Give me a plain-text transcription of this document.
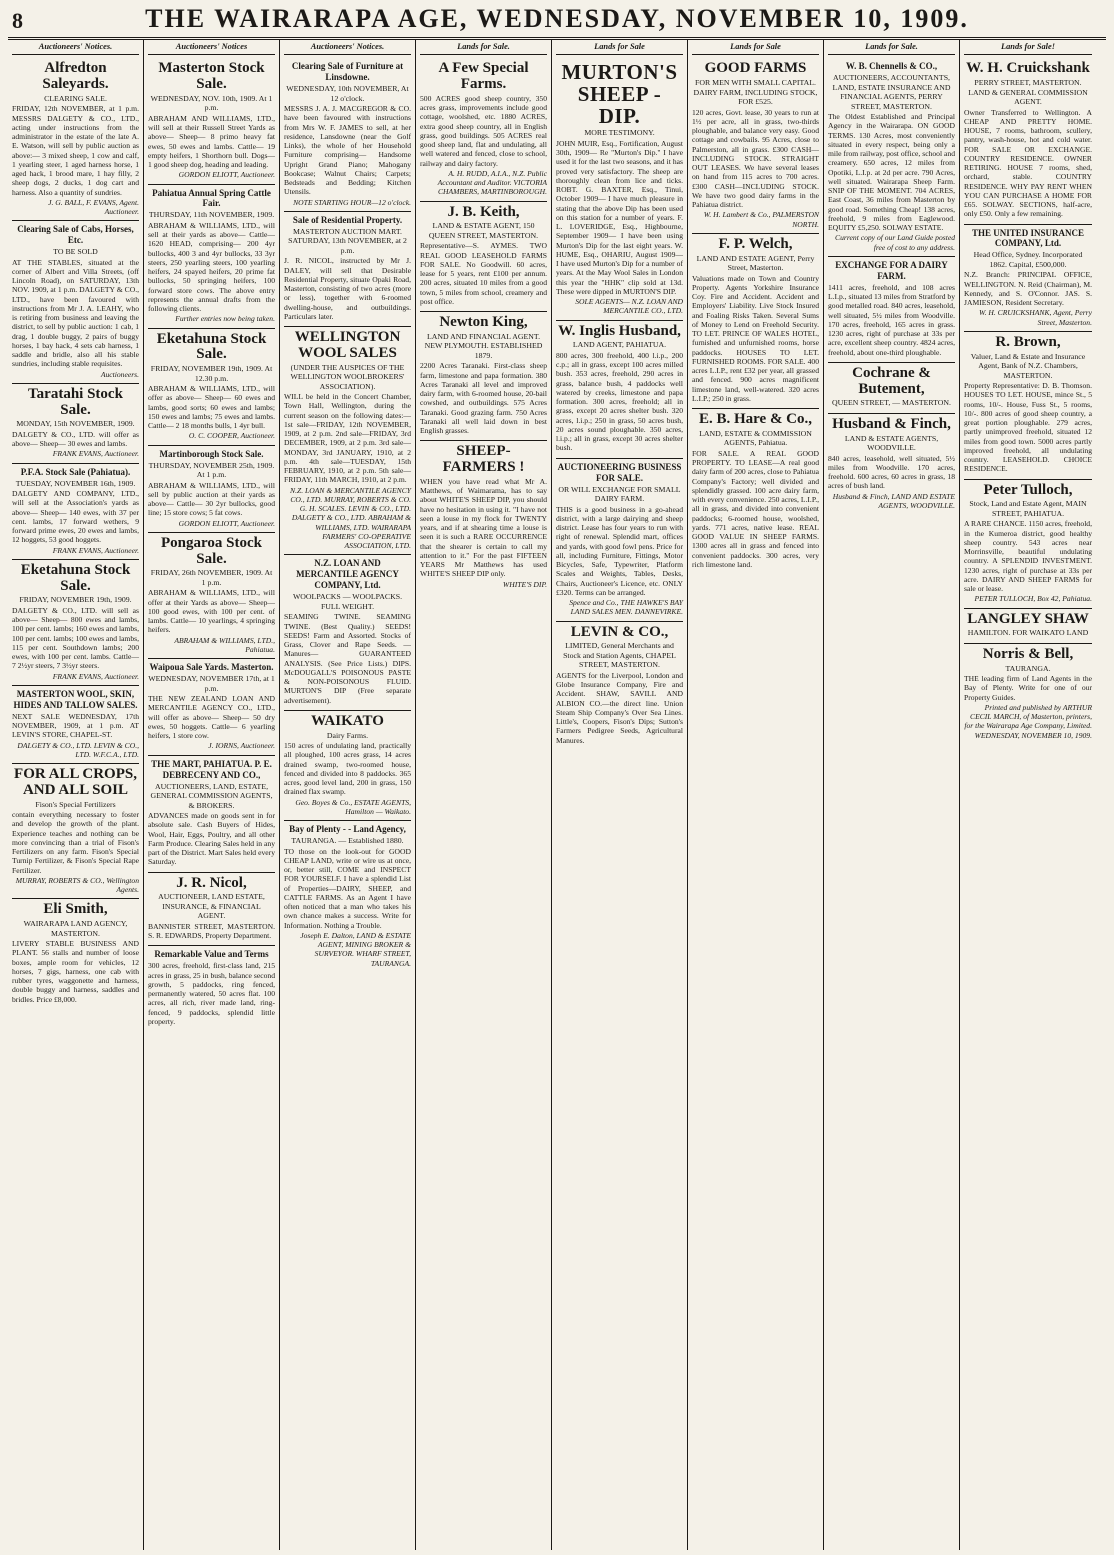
8	THE WAIRARAPA AGE, WEDNESDAY, NOVEMBER 10, 1909.
Auctioneers' Notices.
Alfredton Saleyards.
CLEARING SALE.

FRIDAY, 12th NOVEMBER, at 1 p.m. MESSRS DALGETY & CO., LTD., acting under instructions from the administrator in the estate of the late A. E. Watson, will sell by public auction as above:— 3 mixed sheep, 1 cow and calf, 1 yearling steer, 1 aged harness horse, 1 aged hack, 1 brood mare, 1 hay filly, 2 sheep dogs, 2 ducks, 1 dog cart and harness. Also a quantity of sundries.

J. G. BALL, F. EVANS, Agent. Auctioneer.
Clearing Sale of Cabs, Horses, Etc.
TO BE SOLD

AT THE STABLES, situated at the corner of Albert and Villa Streets, (off Lincoln Road), on SATURDAY, 13th NOV. 1909, at 1 p.m. DALGETY & CO., LTD., have been favoured with instructions from Mr J. A. LEAHY, who is retiring from business and leaving the district, to sell by public auction: 1 cab, 1 drag, 1 double buggy, 2 pairs of buggy horses, 1 bay hack, 4 sets cab harness, 1 saddle and bridle, also all his stable sundries, including stable requisites.

Auctioneers.
Taratahi Stock Sale.
MONDAY, 15th NOVEMBER, 1909.

DALGETY & CO., LTD. will offer as above— Sheep— 30 ewes and lambs.

FRANK EVANS, Auctioneer.
P.F.A. Stock Sale (Pahiatua).
TUESDAY, NOVEMBER 16th, 1909.

DALGETY AND COMPANY, LTD., will sell at the Association's yards as above— Sheep— 140 ewes, with 37 per cent. lambs, 17 forward wethers, 9 forward prime ewes, 20 ewes and lambs, 12 hoggets, 53 good hoggets.

FRANK EVANS, Auctioneer.
Eketahuna Stock Sale.
FRIDAY, NOVEMBER 19th, 1909.

DALGETY & CO., LTD. will sell as above— Sheep— 800 ewes and lambs, 100 per cent. lambs; 160 ewes and lambs, 100 per cent. lambs; 100 ewes and lambs, 115 per cent. Southdown lambs; 200 ewes, with 100 per cent. lambs. Cattle— 7 2½yr steers, 7 3½yr steers.

FRANK EVANS, Auctioneer.
MASTERTON WOOL, SKIN, HIDES AND TALLOW SALES.

NEXT SALE WEDNESDAY, 17th NOVEMBER, 1909, at 1 p.m. AT LEVIN'S STORE, CHAPEL-ST.

DALGETY & CO., LTD. LEVIN & CO., LTD. W.F.C.A., LTD.
FOR ALL CROPS, AND ALL SOIL
Fison's Special Fertilizers

contain everything necessary to foster and develop the growth of the plant. Experience teaches and nothing can be more convincing than a trial of Fison's Fertilizers on any farm. Fison's Special Turnip Fertilizer, & Fison's Special Rape Fertilizer.

MURRAY, ROBERTS & CO., Wellington Agents.
Eli Smith,
WAIRARAPA LAND AGENCY, MASTERTON.

LIVERY STABLE BUSINESS AND PLANT. 56 stalls and number of loose boxes, ample room for vehicles, 12 horses, 7 gigs, harness, one cab with rubber tyres, waggonette and harness, double buggy and harness, saddles and bridles. Price £8,000.

Auctioneers' Notices
Masterton Stock Sale.
WEDNESDAY, NOV. 10th, 1909. At 1 p.m.

ABRAHAM AND WILLIAMS, LTD., will sell at their Russell Street Yards as above— Sheep— 8 primo heavy fat ewes, 50 ewes and lambs. Cattle— 19 empty heifers, 1 Shorthorn bull. Dogs— 1 good sheep dog, heading and leading.

GORDON ELIOTT, Auctioneer.
Pahiatua Annual Spring Cattle Fair.
THURSDAY, 11th NOVEMBER, 1909.

ABRAHAM & WILLIAMS, LTD., will sell at their yards as above— Cattle— 1620 HEAD, comprising— 200 4yr bullocks, 400 3 and 4yr bullocks, 33 3yr steers, 250 yearling steers, 100 yearling heifers, 24 spayed heifers, 20 prime fat bullocks, 50 springing heifers, 100 forward store cows. The above entry represents the annual drafts from the following clients.

Further entries now being taken.
Eketahuna Stock Sale.
FRIDAY, NOVEMBER 19th, 1909. At 12.30 p.m.

ABRAHAM & WILLIAMS, LTD., will offer as above— Sheep— 60 ewes and lambs, good sorts; 60 ewes and lambs; 150 ewes and lambs; 75 ewes and lambs. Cattle— 2 18 months bulls, 1 4yr bull.

O. C. COOPER, Auctioneer.
Martinborough Stock Sale.
THURSDAY, NOVEMBER 25th, 1909. At 1 p.m.

ABRAHAM & WILLIAMS, LTD., will sell by public auction at their yards as above— Cattle— 30 2yr bullocks, good line; 15 store cows; 5 fat cows.

GORDON ELIOTT, Auctioneer.
Pongaroa Stock Sale.
FRIDAY, 26th NOVEMBER, 1909. At 1 p.m.

ABRAHAM & WILLIAMS, LTD., will offer at their Yards as above— Sheep— 100 good ewes, with 100 per cent. of lambs. Cattle— 10 yearlings, 4 springing heifers.

ABRAHAM & WILLIAMS, LTD., Pahiatua.
Waipoua Sale Yards. Masterton.
WEDNESDAY, NOVEMBER 17th, at 1 p.m.

THE NEW ZEALAND LOAN AND MERCANTILE AGENCY CO., LTD., will offer as above— Sheep— 50 dry ewes, 50 hoggets. Cattle— 6 yearling heifers, 1 store cow.

J. IORNS, Auctioneer.
THE MART, PAHIATUA. P. E. DEBRECENY AND CO.,
AUCTIONEERS, LAND, ESTATE, GENERAL COMMISSION AGENTS, & BROKERS.

ADVANCES made on goods sent in for absolute sale. Cash Buyers of Hides, Wool, Hair, Eggs, Poultry, and all other Farm Produce. Clearing Sales held in any part of the District. Mart Sales held every Saturday.

J. R. Nicol,
AUCTIONEER, LAND ESTATE, INSURANCE, & FINANCIAL AGENT.

BANNISTER STREET, MASTERTON. S. R. EDWARDS, Property Department.

Remarkable Value and Terms

300 acres, freehold, first-class land, 215 acres in grass, 25 in bush, balance second growth, 5 paddocks, ring fenced, permanently watered, 50 acres flat. 100 acres, all rich, river made land, ring-fenced, 9 paddocks, splendid little property.

Auctioneers' Notices.
Clearing Sale of Furniture at Linsdowne.
WEDNESDAY, 10th NOVEMBER, At 12 o'clock.

MESSRS J. A. J. MACGREGOR & CO. have been favoured with instructions from Mrs W. F. JAMES to sell, at her residence, Lansdowne (near the Golf Links), the whole of her Household Furniture comprising— Handsome Upright Grand Piano; Mahogany Bookcase; Walnut Chairs; Carpets; Bedsteads and Bedding; Kitchen Utensils.

NOTE STARTING HOUR—12 o'clock.
Sale of Residential Property.
MASTERTON AUCTION MART. SATURDAY, 13th NOVEMBER, at 2 p.m.

J. R. NICOL, instructed by Mr J. DALEY, will sell that Desirable Residential Property, situate Opaki Road, Masterton, consisting of two acres (more or less), together with 6-roomed dwelling-house, and outbuildings. Particulars later.

WELLINGTON WOOL SALES
(UNDER THE AUSPICES OF THE WELLINGTON WOOLBROKERS' ASSOCIATION).

WILL be held in the Concert Chamber, Town Hall, Wellington, during the current season on the following dates:— 1st sale—FRIDAY, 12th NOVEMBER, 1909, at 2 p.m. 2nd sale—FRIDAY, 3rd DECEMBER, 1909, at 2 p.m. 3rd sale—MONDAY, 3rd JANUARY, 1910, at 2 p.m. 4th sale—TUESDAY, 15th FEBRUARY, 1910, at 2 p.m. 5th sale—FRIDAY, 11th MARCH, 1910, at 2 p.m.

N.Z. LOAN & MERCANTILE AGENCY CO., LTD. MURRAY, ROBERTS & CO. G. H. SCALES. LEVIN & CO., LTD. DALGETY & CO., LTD. ABRAHAM & WILLIAMS, LTD. WAIRARAPA FARMERS' CO-OPERATIVE ASSOCIATION, LTD.
N.Z. LOAN AND MERCANTILE AGENCY COMPANY, Ltd.
WOOLPACKS — WOOLPACKS. FULL WEIGHT.

SEAMING TWINE. SEAMING TWINE. (Best Quality.) SEEDS! SEEDS! Farm and Assorted. Stocks of Grass, Clover and Rape Seeds. —Manures— GUARANTEED ANALYSIS. (See Price Lists.) DIPS. McDOUGALL'S POISONOUS PASTE & NON-POISONOUS FLUID. MURTON'S DIP (Free separate advertisement).

WAIKATO
Dairy Farms.

150 acres of undulating land, practically all ploughed, 100 acres grass, 14 acres drained swamp, two-roomed house, fenced and divided into 8 paddocks. 365 acres, good level land, 200 in grass, 150 drained flax swamp.

Geo. Boyes & Co., ESTATE AGENTS, Hamilton — Waikato.
Bay of Plenty - - Land Agency,
TAURANGA. — Established 1880.

TO those on the look-out for GOOD CHEAP LAND, write or wire us at once, or, better still, COME and INSPECT FOR YOURSELF. I have a splendid List of Properties—DAIRY, SHEEP, and CATTLE FARMS. As an Agent I have often noticed that a man who takes his own chance makes a success. Write for Information. Nothing a Trouble.

Joseph E. Dalton, LAND & ESTATE AGENT, MINING BROKER & SURVEYOR. WHARF STREET, TAURANGA.
Lands for Sale.
A Few Special Farms.

500 ACRES good sheep country, 350 acres grass, improvements include good cottage, woolshed, etc. 1880 ACRES, extra good sheep country, all in English grass, good buildings. 505 ACRES real good sheep land, flat and undulating, all well watered and fenced, close to school, railway and dairy factory.

A. H. RUDD, A.I.A., N.Z. Public Accountant and Auditor. VICTORIA CHAMBERS, MARTINBOROUGH.
J. B. Keith,
LAND & ESTATE AGENT, 150 QUEEN STREET, MASTERTON.

Representative—S. AYMES. TWO REAL GOOD LEASEHOLD FARMS FOR SALE. No Goodwill. 60 acres, lease for 5 years, rent £100 per annum. 200 acres, situated 10 miles from a good town, 5 miles from school, creamery and post office.

Newton King,
LAND AND FINANCIAL AGENT. NEW PLYMOUTH. ESTABLISHED 1879.

2200 Acres Taranaki. First-class sheep farm, limestone and papa formation. 380 Acres Taranaki all level and improved dairy farm, with 6-roomed house, 20-bail cowshed, and outbuildings. 575 Acres Taranaki. Good grazing farm. 750 Acres Taranaki all well laid down in best English grasses.

SHEEP-FARMERS !

WHEN you have read what Mr A. Matthews, of Waimarama, has to say about WHITE'S SHEEP DIP, you should have no hesitation in using it. "I have not seen a louse in my flock for TWENTY years, and if at shearing time a louse is seen it is such a RARE OCCURRENCE that the shearer is certain to call my attention to it." For the past FIFTEEN YEARS Mr Matthews has used WHITE'S SHEEP DIP only.

WHITE'S DIP.
Lands for Sale
MURTON'S SHEEP - DIP.
MORE TESTIMONY.

JOHN MUIR, Esq., Fortification, August 30th, 1909— Re "Murton's Dip." I have used it for the last two seasons, and it has proved very satisfactory. The sheep are thoroughly clean from lice and ticks. ROBT. G. BAXTER, Esq., Tinui, October 1909— I have much pleasure in stating that the above Dip has been used on this station for a number of years. F. L. LOVERIDGE, Esq., Highbourne, September 1909— I have been using Murton's Dip for the last eight years. W. HUME, Esq., OHARIU, August 1909— I have used Murton's Dip for a number of years. At the May Wool Sales in London this year the "HHK" clip sold at 13d. These were dipped in MURTON'S DIP.

SOLE AGENTS— N.Z. LOAN AND MERCANTILE CO., LTD.
W. Inglis Husband,
LAND AGENT, PAHIATUA.

800 acres, 300 freehold, 400 l.i.p., 200 c.p.; all in grass, except 100 acres milled bush. 353 acres, freehold, 290 acres in grass, balance bush, 4 paddocks well watered by creeks, limestone and papa formation. 300 acres, freehold; all in grass, except 20 acres shelter bush. 320 acres, l.i.p.; 250 in grass, 50 acres bush, 20 acres sound ploughable. 350 acres, l.i.p.; all in grass, except 30 acres shelter bush.

AUCTIONEERING BUSINESS FOR SALE.
OR WILL EXCHANGE FOR SMALL DAIRY FARM.

THIS is a good business in a go-ahead district, with a large dairying and sheep district. Lease has four years to run with right of renewal. Splendid mart, offices and yards, with good fowl pens. Price for all, including Furniture, Fittings, Motor Bicycles, Safe, Typewriter, Platform Scales and Weights, Tables, Desks, Chairs, Auctioneer's Licence, etc. ONLY £320. Terms can be arranged.

Spence and Co., THE HAWKE'S BAY LAND SALES MEN. DANNEVIRKE.
LEVIN & CO.,
LIMITED, General Merchants and Stock and Station Agents, CHAPEL STREET, MASTERTON.

AGENTS for the Liverpool, London and Globe Insurance Company, Fire and Accident. SHAW, SAVILL AND ALBION CO.—the direct line. Union Steam Ship Company's Over Sea Lines. Little's, Coopers, Fison's Dips; Sutton's Farmers Pedigree Seeds, Agricultural Manures.

Lands for Sale
GOOD FARMS
FOR MEN WITH SMALL CAPITAL. DAIRY FARM, INCLUDING STOCK, FOR £525.

120 acres, Govt. lease, 30 years to run at 1½ per acre, all in grass, two-thirds ploughable, and balance very easy. Good cottage and cowbails. 95 Acres, close to Palmerston, all in grass. £300 CASH—INCLUDING STOCK. STRAIGHT OUT LEASES. We have several leases on hand from 115 acres to 700 acres. £300 CASH—INCLUDING STOCK. We have two good dairy farms in the Pahiatua district.

W. H. Lambert & Co., PALMERSTON NORTH.
F. P. Welch,
LAND AND ESTATE AGENT, Perry Street, Masterton.

Valuations made on Town and Country Property. Agents Yorkshire Insurance Coy. Fire and Accident. Accident and Employers' Liability. Live Stock Insured and Foaling Risks Taken. Several Sums of Money to Lend on Freehold Security. TO LET. PRINCE OF WALES HOTEL, furnished and unfurnished rooms, horse paddocks. HOUSES TO LET. FURNISHED ROOMS. FOR SALE. 400 acres L.I.P., rent £32 per year, all grassed and fenced. 900 acres magnificent limestone land, well-watered. 320 acres L.I.P.; 250 in grass.

E. B. Hare & Co.,
LAND, ESTATE & COMMISSION AGENTS, Pahiatua.

FOR SALE. A REAL GOOD PROPERTY. TO LEASE—A real good dairy farm of 200 acres, close to Pahiatua Company's Factory; well divided and splendidly grassed. 100 acre dairy farm, with every convenience. 250 acres, L.I.P., all in grass, and divided into convenient paddocks; 6-roomed house, woolshed, yards. 771 acres, native lease. REAL GOOD VALUE IN SHEEP FARMS. 1300 acres all in grass and fenced into convenient paddocks. 300 acres, very rich limestone land.

Lands for Sale.
W. B. Chennells & CO.,
AUCTIONEERS, ACCOUNTANTS, LAND, ESTATE INSURANCE AND FINANCIAL AGENTS, PERRY STREET, MASTERTON.

The Oldest Established and Principal Agency in the Wairarapa. ON GOOD TERMS. 130 Acres, most conveniently situated in every respect, being only a mile from railway, post office, school and creamery. 650 acres, 12 miles from Opotiki, L.I.p. at 2d per acre. 790 Acres, well situated. Wairarapa Sheep Farm. SNIP OF THE MOMENT. 704 ACRES, East Coast, 36 miles from Masterton by good road. Something Cheap! 138 acres, freehold, 9 miles from Eaglewood. EQUITY £5,250. SOLWAY ESTATE.

Current copy of our Land Guide posted free of cost to any address.
EXCHANGE FOR A DAIRY FARM.

1411 acres, freehold, and 108 acres L.I.p., situated 13 miles from Stratford by good metalled road. 840 acres, leasehold, well situated, 5½ miles from Woodville. 170 acres, freehold, 165 acres in grass. 1230 acres, right of purchase at 33s per acre, excellent sheep country. 4824 acres, freehold, about one-third ploughable.

Cochrane & Butement,
QUEEN STREET, — MASTERTON.
Husband & Finch,
LAND & ESTATE AGENTS, WOODVILLE.

840 acres, leasehold, well situated, 5½ miles from Woodville. 170 acres, freehold. 600 acres, 60 acres in grass, 18 acres of bush land.

Husband & Finch, LAND AND ESTATE AGENTS, WOODVILLE.
Lands for Sale!
W. H. Cruickshank
PERRY STREET, MASTERTON. LAND & GENERAL COMMISSION AGENT.

Owner Transferred to Wellington. A CHEAP AND PRETTY HOME. HOUSE, 7 rooms, bathroom, scullery, pantry, wash-house, hot and cold water. FOR SALE OR EXCHANGE. COUNTRY RESIDENCE. OWNER RETIRING. HOUSE 7 rooms, shed, orchard, stable. COUNTRY RESIDENCE. WHY PAY RENT WHEN YOU CAN PURCHASE A HOME FOR £65. SOLWAY. SECTIONS, half-acre, only £50. Only a few remaining.

THE UNITED INSURANCE COMPANY, Ltd.
Head Office, Sydney. Incorporated 1862. Capital, £500,000.

N.Z. Branch: PRINCIPAL OFFICE, WELLINGTON. N. Reid (Chairman), M. Kennedy, and S. O'Connor. JAS. S. JAMIESON, Resident Secretary.

W. H. CRUICKSHANK, Agent, Perry Street, Masterton.
R. Brown,
Valuer, Land & Estate and Insurance Agent, Bank of N.Z. Chambers, MASTERTON.

Property Representative: D. B. Thomson. HOUSES TO LET. HOUSE, mince St., 5 rooms, 10/-. House, Fuss St., 5 rooms, 10/-. 800 acres of good sheep country, a great portion ploughable. 279 acres, partly unimproved freehold, situated 12 miles from good town. 5000 acres partly improved freehold, all undulating country. LEASEHOLD. CHOICE RESIDENCE.

Peter Tulloch,
Stock, Land and Estate Agent, MAIN STREET, PAHIATUA.

A RARE CHANCE. 1150 acres, freehold, in the Kumeroa district, good healthy sheep country. 543 acres near Morrinsville, beautiful undulating country. A SPLENDID INVESTMENT. 1230 acres, right of purchase at 33s per acre. DAIRY AND SHEEP FARMS for sale or lease.

PETER TULLOCH, Box 42, Pahiatua.
LANGLEY SHAW
HAMILTON. FOR WAIKATO LAND
Norris & Bell,
TAURANGA.

THE leading firm of Land Agents in the Bay of Plenty. Write for one of our Property Guides.

Printed and published by ARTHUR CECIL MARCH, of Masterton, printers, for the Wairarapa Age Company, Limited. WEDNESDAY, NOVEMBER 10, 1909.
